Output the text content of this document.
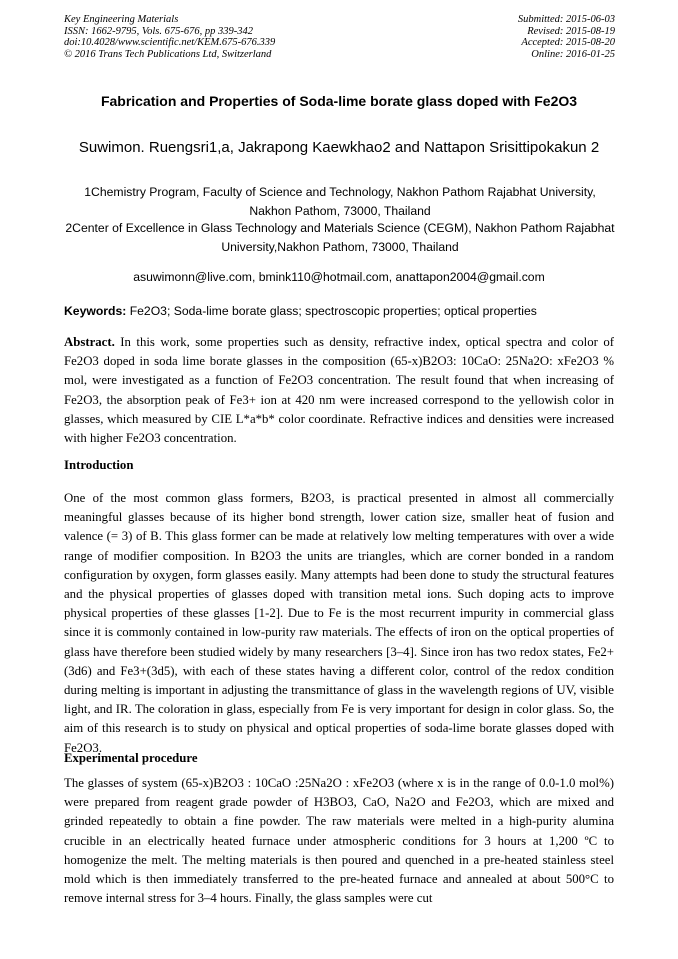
Key Engineering Materials
ISSN: 1662-9795, Vols. 675-676, pp 339-342
doi:10.4028/www.scientific.net/KEM.675-676.339
© 2016 Trans Tech Publications Ltd, Switzerland
Submitted: 2015-06-03
Revised: 2015-08-19
Accepted: 2015-08-20
Online: 2016-01-25
Fabrication and Properties of Soda-lime borate glass doped with Fe2O3
Suwimon. Ruengsri1,a, Jakrapong Kaewkhao2 and Nattapon Srisittipokakun 2
1Chemistry Program, Faculty of Science and Technology, Nakhon Pathom Rajabhat University, Nakhon Pathom, 73000, Thailand
2Center of Excellence in Glass Technology and Materials Science (CEGM), Nakhon Pathom Rajabhat University,Nakhon Pathom, 73000, Thailand
asuwimonn@live.com, bmink110@hotmail.com, anattapon2004@gmail.com
Keywords: Fe2O3; Soda-lime borate glass; spectroscopic properties; optical properties
Abstract. In this work, some properties such as density, refractive index, optical spectra and color of Fe2O3 doped in soda lime borate glasses in the composition (65-x)B2O3: 10CaO: 25Na2O: xFe2O3 % mol, were investigated as a function of Fe2O3 concentration. The result found that when increasing of Fe2O3, the absorption peak of Fe3+ ion at 420 nm were increased correspond to the yellowish color in glasses, which measured by CIE L*a*b* color coordinate. Refractive indices and densities were increased with higher Fe2O3 concentration.
Introduction
One of the most common glass formers, B2O3, is practical presented in almost all commercially meaningful glasses because of its higher bond strength, lower cation size, smaller heat of fusion and valence (= 3) of B. This glass former can be made at relatively low melting temperatures with over a wide range of modifier composition. In B2O3 the units are triangles, which are corner bonded in a random configuration by oxygen, form glasses easily. Many attempts had been done to study the structural features and the physical properties of glasses doped with transition metal ions. Such doping acts to improve physical properties of these glasses [1-2]. Due to Fe is the most recurrent impurity in commercial glass since it is commonly contained in low-purity raw materials. The effects of iron on the optical properties of glass have therefore been studied widely by many researchers [3–4]. Since iron has two redox states, Fe2+ (3d6) and Fe3+(3d5), with each of these states having a different color, control of the redox condition during melting is important in adjusting the transmittance of glass in the wavelength regions of UV, visible light, and IR. The coloration in glass, especially from Fe is very important for design in color glass. So, the aim of this research is to study on physical and optical properties of soda-lime borate glasses doped with Fe2O3.
Experimental procedure
The glasses of system (65-x)B2O3 : 10CaO :25Na2O : xFe2O3 (where x is in the range of 0.0-1.0 mol%) were prepared from reagent grade powder of H3BO3, CaO, Na2O and Fe2O3, which are mixed and grinded repeatedly to obtain a fine powder. The raw materials were melted in a high-purity alumina crucible in an electrically heated furnace under atmospheric conditions for 3 hours at 1,200 ºC to homogenize the melt. The melting materials is then poured and quenched in a pre-heated stainless steel mold which is then immediately transferred to the pre-heated furnace and annealed at about 500°C to remove internal stress for 3–4 hours. Finally, the glass samples were cut
